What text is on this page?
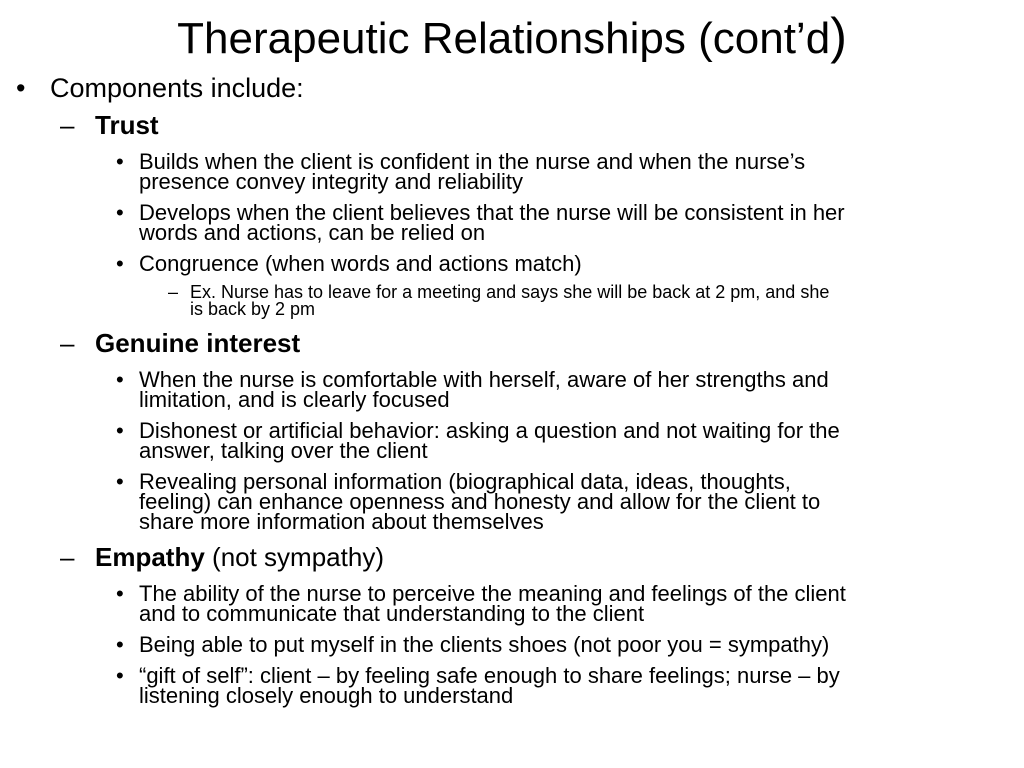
Therapeutic Relationships (cont’d)
• Components include:
– Trust
• Builds when the client is confident in the nurse and when the nurse’s
presence convey integrity and reliability
• Develops when the client believes that the nurse will be consistent in her
words and actions, can be relied on
• Congruence (when words and actions match)
– Ex. Nurse has to leave for a meeting and says she will be back at 2 pm, and she
is back by 2 pm
– Genuine interest
• When the nurse is comfortable with herself, aware of her strengths and
limitation, and is clearly focused
• Dishonest or artificial behavior: asking a question and not waiting for the
answer, talking over the client
• Revealing personal information (biographical data, ideas, thoughts,
feeling) can enhance openness and honesty and allow for the client to
share more information about themselves
– Empathy (not sympathy)
• The ability of the nurse to perceive the meaning and feelings of the client
and to communicate that understanding to the client
• Being able to put myself in the clients shoes (not poor you = sympathy)
• “gift of self”: client – by feeling safe enough to share feelings; nurse – by
listening closely enough to understand
